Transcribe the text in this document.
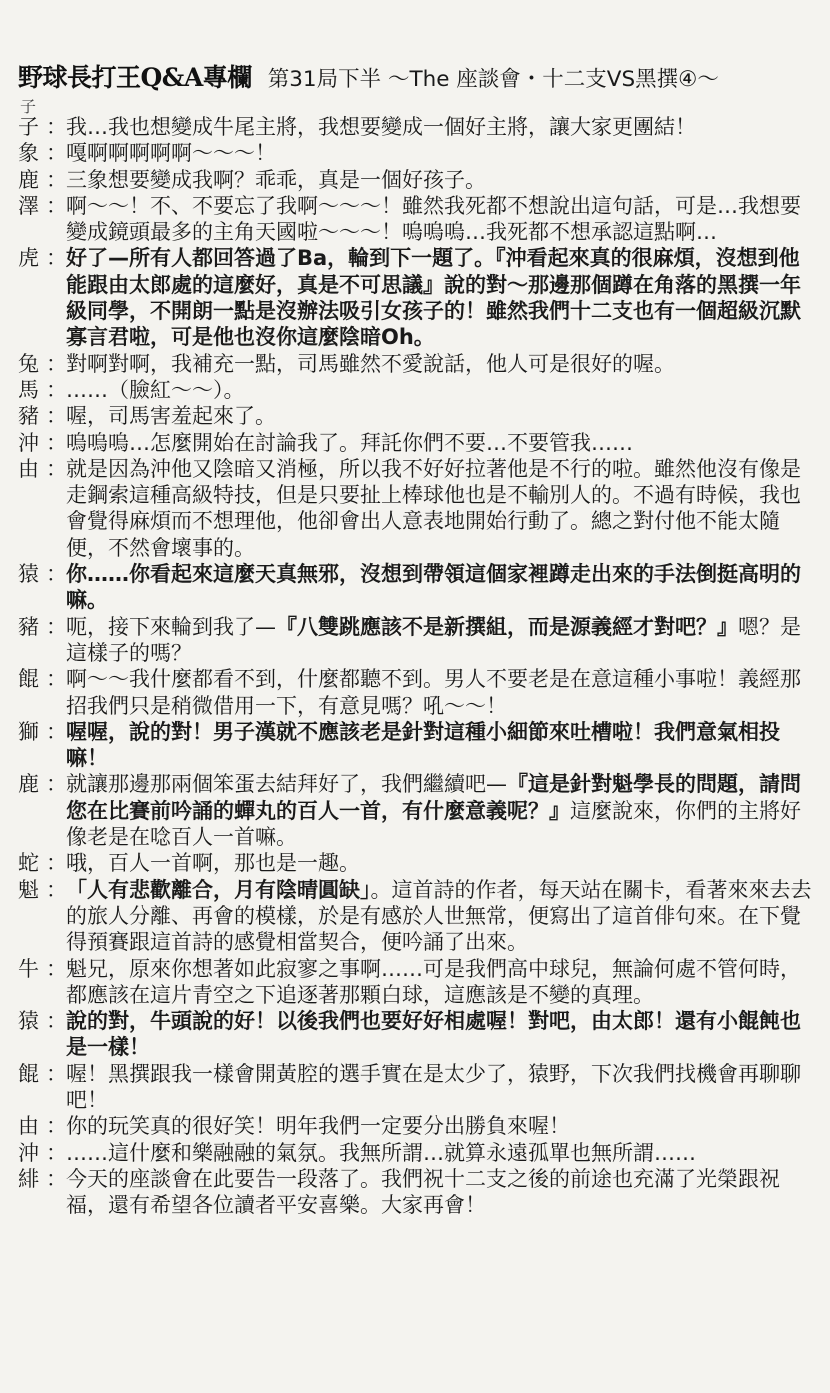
野球長打王Q&A專欄 第31局下半 ～The 座談會・十二支VS黑撰④～
子
子 ： 我…我也想變成牛尾主將，我想要變成一個好主將，讓大家更團結！
象 ： 嘎啊啊啊啊啊～～～！
鹿 ： 三象想要變成我啊？乖乖，真是一個好孩子。
澤 ： 啊～～！不、不要忘了我啊～～～！雖然我死都不想說出這句話，可是…我想要變成鏡頭最多的主角天國啦～～～！嗚嗚嗚…我死都不想承認這點啊…
虎 ： 好了—所有人都回答過了Ba，輪到下一題了。『沖看起來真的很麻煩，沒想到他能跟由太郎處的這麼好，真是不可思議』說的對～那邊那個蹲在角落的黑撰一年級同學，不開朗一點是沒辦法吸引女孩子的！雖然我們十二支也有一個超級沉默寡言君啦，可是他也沒你這麼陰暗Oh。
兔 ： 對啊對啊，我補充一點，司馬雖然不愛說話，他人可是很好的喔。
馬 ： ……（臉紅～～）。
豬 ： 喔，司馬害羞起來了。
沖 ： 嗚嗚嗚…怎麼開始在討論我了。拜託你們不要…不要管我……
由 ： 就是因為沖他又陰暗又消極，所以我不好好拉著他是不行的啦。雖然他沒有像是走鋼索這種高級特技，但是只要扯上棒球他也是不輸別人的。不過有時候，我也會覺得麻煩而不想理他，他卻會出人意表地開始行動了。總之對付他不能太隨便，不然會壞事的。
猿 ： 你……你看起來這麼天真無邪，沒想到帶領這個家裡蹲走出來的手法倒挺高明的嘛。
豬 ： 呃，接下來輪到我了—『八雙跳應該不是新撰組，而是源義經才對吧？』嗯？是這樣子的嗎？
餛 ： 啊～～我什麼都看不到，什麼都聽不到。男人不要老是在意這種小事啦！義經那招我們只是稍微借用一下，有意見嗎？吼～～！
獅 ： 喔喔，說的對！男子漢就不應該老是針對這種小細節來吐槽啦！我們意氣相投嘛！
鹿 ： 就讓那邊那兩個笨蛋去結拜好了，我們繼續吧—『這是針對魁學長的問題，請問您在比賽前吟誦的蟬丸的百人一首，有什麼意義呢？』這麼說來，你們的主將好像老是在唸百人一首嘛。
蛇 ： 哦，百人一首啊，那也是一趣。
魁 ： 「人有悲歡離合，月有陰晴圓缺」。這首詩的作者，每天站在關卡，看著來來去去的旅人分離、再會的模樣，於是有感於人世無常，便寫出了這首俳句來。在下覺得預賽跟這首詩的感覺相當契合，便吟誦了出來。
牛 ： 魁兄，原來你想著如此寂寥之事啊……可是我們高中球兒，無論何處不管何時，都應該在這片青空之下追逐著那顆白球，這應該是不變的真理。
猿 ： 說的對，牛頭說的好！以後我們也要好好相處喔！對吧，由太郎！還有小餛飩也是一樣！
餛 ： 喔！黑撰跟我一樣會開黃腔的選手實在是太少了，猿野，下次我們找機會再聊聊吧！
由 ： 你的玩笑真的很好笑！明年我們一定要分出勝負來喔！
沖 ： ……這什麼和樂融融的氣氛。我無所謂…就算永遠孤單也無所謂……
緋 ： 今天的座談會在此要告一段落了。我們祝十二支之後的前途也充滿了光榮跟祝福，還有希望各位讀者平安喜樂。大家再會！
